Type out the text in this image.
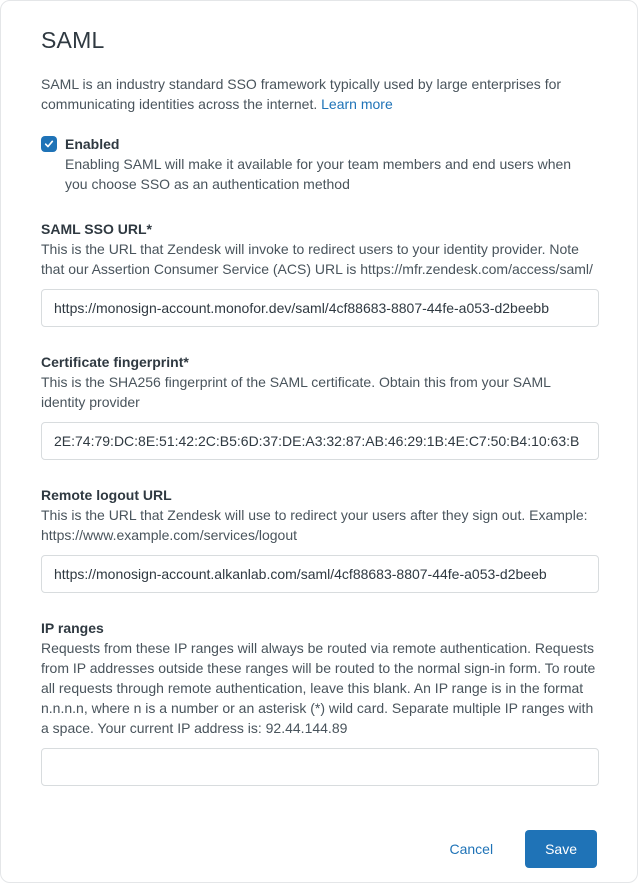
SAML

SAML is an industry standard SSO framework typically used by large enterprises for communicating identities across the internet. Learn more

Enabled

Enabling SAML will make it available for your team members and end users when you choose SSO as an authentication method

SAML SSO URL*

This is the URL that Zendesk will invoke to redirect users to your identity provider. Note that our Assertion Consumer Service (ACS) URL is https://mfr.zendesk.com/access/saml/

https://monosign-account.monofor.dev/saml/4cf88683-8807-44fe-a053-d2beebb
Certificate fingerprint*

This is the SHA256 fingerprint of the SAML certificate. Obtain this from your SAML identity provider

2E:74:79:DC:8E:51:42:2C:B5:6D:37:DE:A3:32:87:AB:46:29:1B:4E:C7:50:B4:10:63:B
Remote logout URL

This is the URL that Zendesk will use to redirect your users after they sign out. Example: https://www.example.com/services/logout

https://monosign-account.alkanlab.com/saml/4cf88683-8807-44fe-a053-d2beeb
IP ranges

Requests from these IP ranges will always be routed via remote authentication. Requests from IP addresses outside these ranges will be routed to the normal sign-in form. To route all requests through remote authentication, leave this blank. An IP range is in the format n.n.n.n, where n is a number or an asterisk (*) wild card. Separate multiple IP ranges with a space. Your current IP address is: 92.44.144.89

Cancel	Save
